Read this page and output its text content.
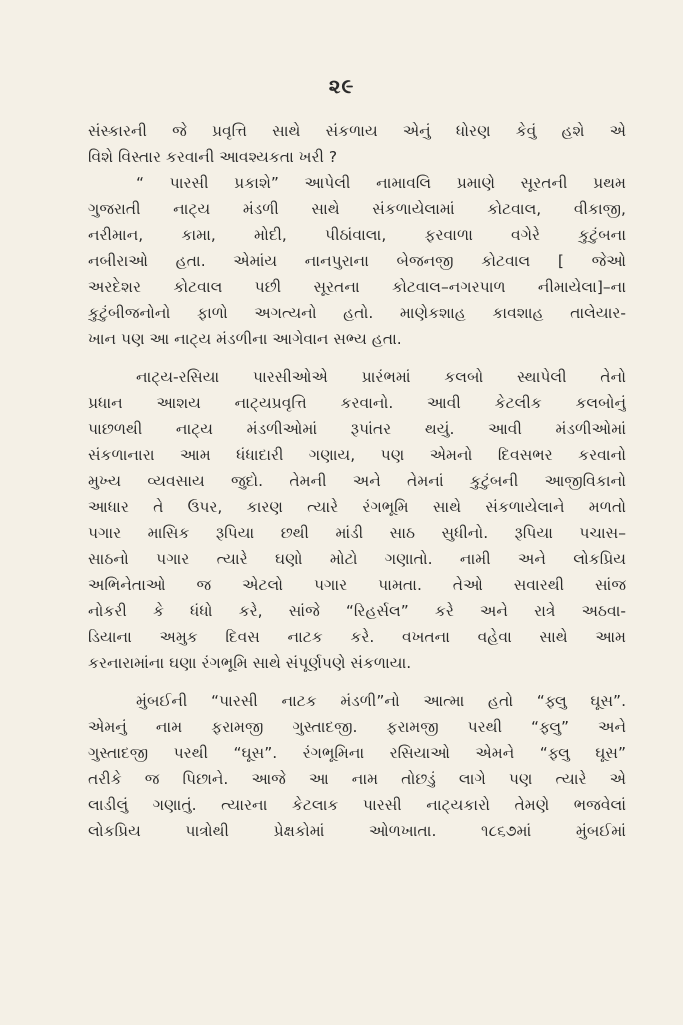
૨૯
સંસ્કારની જે પ્રવૃત્તિ સાથે સંકળાય એનું ધોરણ કેવું હશે એ
વિશે વિસ્તાર કરવાની આવશ્યકતા ખરી ?
“ પારસી પ્રકાશે” આપેલી નામાવલિ પ્રમાણે સૂરતની પ્રથમ
ગુજરાતી નાટ્ય મંડળી સાથે સંકળાયેલામાં કોટવાલ, વીકાજી,
નરીમાન, કામા, મોદી, પીઠાંવાલા, ફરવાળા વગેરે કુટુંબના
નબીરાઓ હતા. એમાંય નાનપુરાના બેજનજી કોટવાલ [ જેઓ
અરદેશર કોટવાલ પછી સૂરતના કોટવાલ–નગરપાળ નીમાયેલા]–ના
કુટુંબીજનોનો ફાળો અગત્યનો હતો. માણેકશાહ કાવશાહ તાલેયાર-
ખાન પણ આ નાટ્ય મંડળીના આગેવાન સભ્ય હતા.
નાટ્ય-રસિયા પારસીઓએ પ્રારંભમાં કલબો સ્થાપેલી તેનો
પ્રધાન આશય નાટ્યપ્રવૃત્તિ કરવાનો. આવી કેટલીક કલબોનું
પાછળથી નાટ્ય મંડળીઓમાં રૂપાંતર થયું. આવી મંડળીઓમાં
સંકળાનારા આમ ધંધાદારી ગણાય, પણ એમનો દિવસભર કરવાનો
મુખ્ય વ્યવસાય જુદો. તેમની અને તેમનાં કુટુંબની આજીવિકાનો
આધાર તે ઉપર, કારણ ત્યારે રંગભૂમિ સાથે સંકળાયેલાને મળતો
પગાર માસિક રૂપિયા છથી માંડી સાઠ સુધીનો. રૂપિયા પચાસ–
સાઠનો પગાર ત્યારે ઘણો મોટો ગણાતો. નામી અને લોકપ્રિય
અભિનેતાઓ જ એટલો પગાર પામતા. તેઓ સવારથી સાંજ
નોકરી કે ધંધો કરે, સાંજે “રિહર્સલ” કરે અને રાત્રે અઠવા-
ડિયાના અમુક દિવસ નાટક કરે. વખતના વહેવા સાથે આમ
કરનારામાંના ઘણા રંગભૂમિ સાથે સંપૂર્ણપણે સંકળાયા.
મુંબઈની “પારસી નાટક મંડળી”નો આત્મા હતો “ફ્લુ ઘૂસ”.
એમનું નામ ફરામજી ગુસ્તાદજી. ફરામજી પરથી “ફ્લુ” અને
ગુસ્તાદજી પરથી “ઘૂસ”. રંગભૂમિના રસિયાઓ એમને “ફ્લુ ઘૂસ”
તરીકે જ પિછાને. આજે આ નામ તોછડું લાગે પણ ત્યારે એ
લાડીલું ગણાતું. ત્યારના કેટલાક પારસી નાટ્યકારો તેમણે ભજવેલાં
લોકપ્રિય પાત્રોથી પ્રેક્ષકોમાં ઓળખાતા. ૧૮૬૭માં મુંબઈમાં
